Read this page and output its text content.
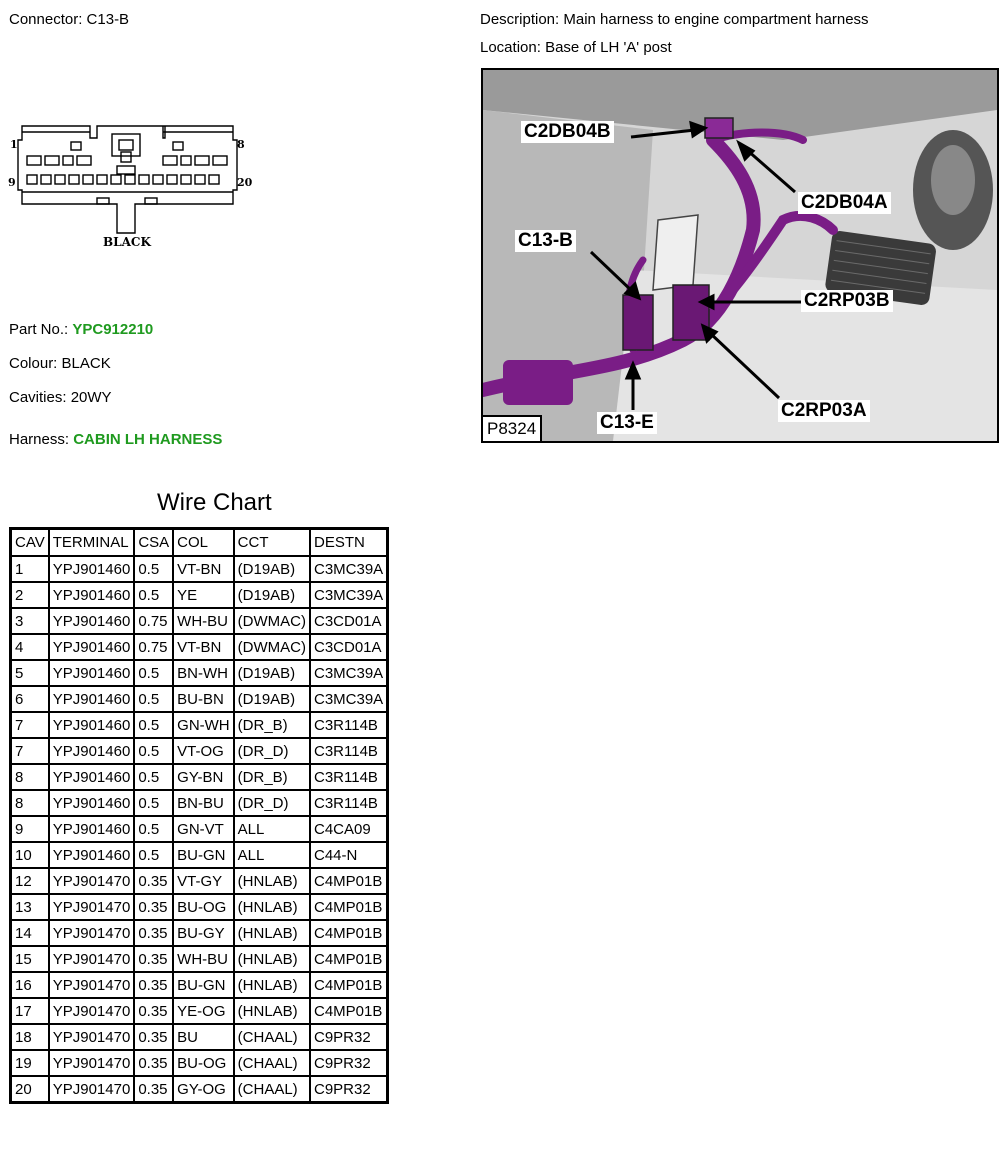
Connector: C13-B	Description: Main harness to engine compartment harness
Location: Base of LH 'A' post
1	8
9	20
BLACK
Part No.: YPC912210
Colour: BLACK
Cavities: 20WY
Harness: CABIN LH HARNESS
C2DB04B
C2DB04A
C13-B
C2RP03B
C13-E
C2RP03A
P8324
Wire Chart
CAV	TERMINAL	CSA	COL	CCT	DESTN
1	YPJ901460	0.5	VT-BN	(D19AB)	C3MC39A
2	YPJ901460	0.5	YE	(D19AB)	C3MC39A
3	YPJ901460	0.75	WH-BU	(DWMAC)	C3CD01A
4	YPJ901460	0.75	VT-BN	(DWMAC)	C3CD01A
5	YPJ901460	0.5	BN-WH	(D19AB)	C3MC39A
6	YPJ901460	0.5	BU-BN	(D19AB)	C3MC39A
7	YPJ901460	0.5	GN-WH	(DR_B)	C3R114B
7	YPJ901460	0.5	VT-OG	(DR_D)	C3R114B
8	YPJ901460	0.5	GY-BN	(DR_B)	C3R114B
8	YPJ901460	0.5	BN-BU	(DR_D)	C3R114B
9	YPJ901460	0.5	GN-VT	ALL	C4CA09
10	YPJ901460	0.5	BU-GN	ALL	C44-N
12	YPJ901470	0.35	VT-GY	(HNLAB)	C4MP01B
13	YPJ901470	0.35	BU-OG	(HNLAB)	C4MP01B
14	YPJ901470	0.35	BU-GY	(HNLAB)	C4MP01B
15	YPJ901470	0.35	WH-BU	(HNLAB)	C4MP01B
16	YPJ901470	0.35	BU-GN	(HNLAB)	C4MP01B
17	YPJ901470	0.35	YE-OG	(HNLAB)	C4MP01B
18	YPJ901470	0.35	BU	(CHAAL)	C9PR32
19	YPJ901470	0.35	BU-OG	(CHAAL)	C9PR32
20	YPJ901470	0.35	GY-OG	(CHAAL)	C9PR32
